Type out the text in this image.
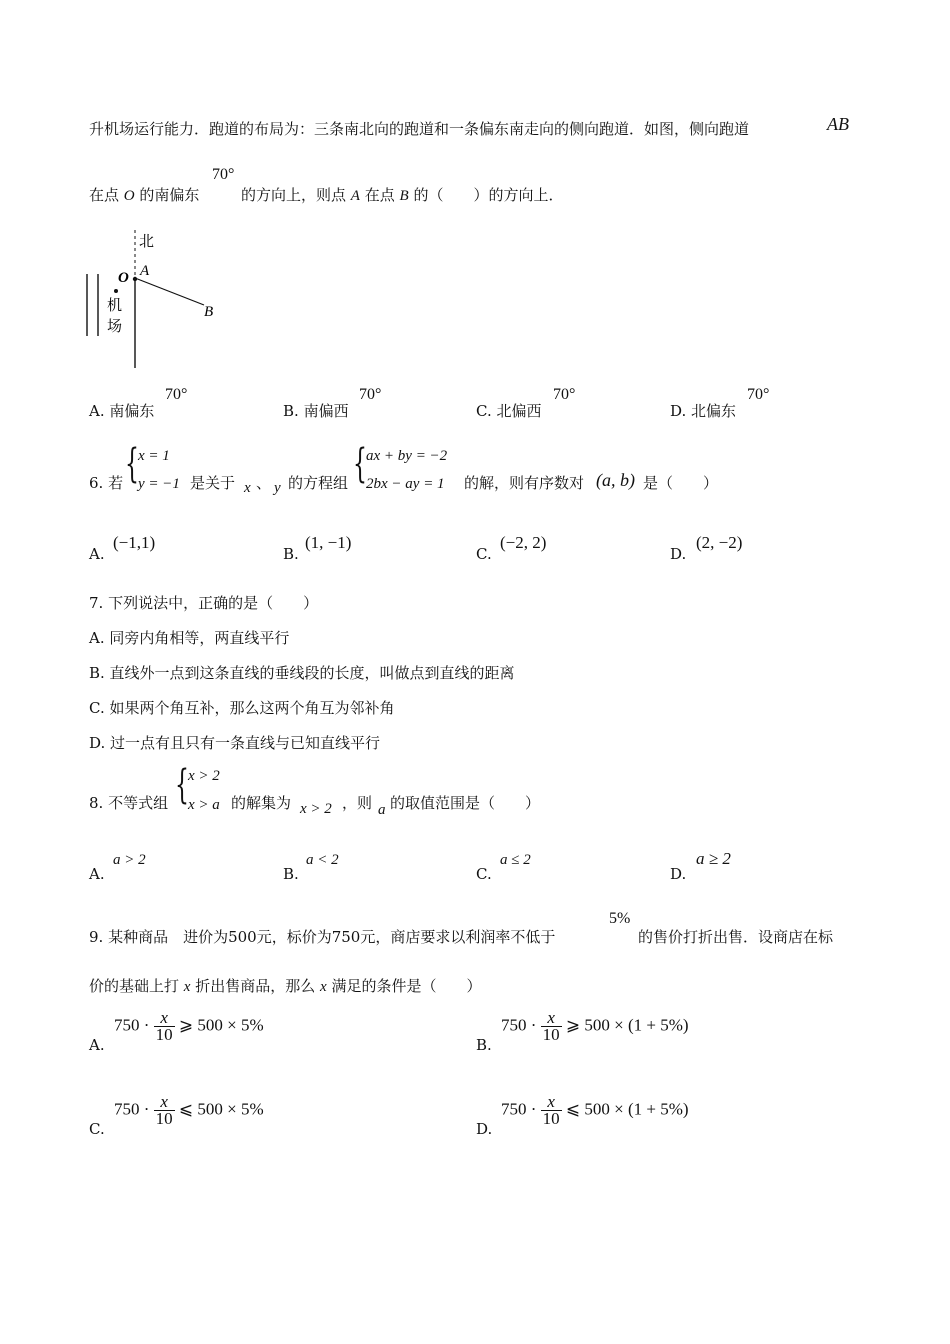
升机场运行能力．跑道的布局为：三条南北向的跑道和一条偏东南走向的侧向跑道．如图，侧向跑道	AB
70°
在点 O 的南偏东	的方向上，则点 A 在点 B 的（　　）的方向上．
北
O A
B
机
场
A. 南偏东
70°
B. 南偏西
70°
C. 北偏西
70°
D. 北偏东
70°
6. 若 { x = 1
y = −1 是关于 x 、 y 的方程组 { ax + by = −2
2bx − ay = 1 的解，则有序数对 (a, b) 是（　　）
A.
(−1,1)
B.
(1, −1)
C.
(−2, 2)
D.
(2, −2)
7. 下列说法中，正确的是（　　）
A. 同旁内角相等，两直线平行
B. 直线外一点到这条直线的垂线段的长度，叫做点到直线的距离
C. 如果两个角互补，那么这两个角互为邻补角
D. 过一点有且只有一条直线与已知直线平行
8. 不等式组 { x > 2
x > a 的解集为 x > 2 ，则 a 的取值范围是（　　）
A.
a > 2
B.
a < 2
C.
a ≤ 2
D.
a ≥ 2
9. 某种商品　进价为500元，标价为750元，商店要求以利润率不低于
5%
的售价打折出售．设商店在标
价的基础上打 x 折出售商品，那么 x 满足的条件是（　　）
A.
$750 \cdot \frac{x}{10}$ ⩾ 500 × 5%
B.
$750 \cdot \frac{x}{10}$ ⩾ 500 × (1 + 5%)
C.
$750 \cdot \frac{x}{10}$ ⩽ 500 × 5%
D.
$750 \cdot \frac{x}{10}$ ⩽ 500 × (1 + 5%)
